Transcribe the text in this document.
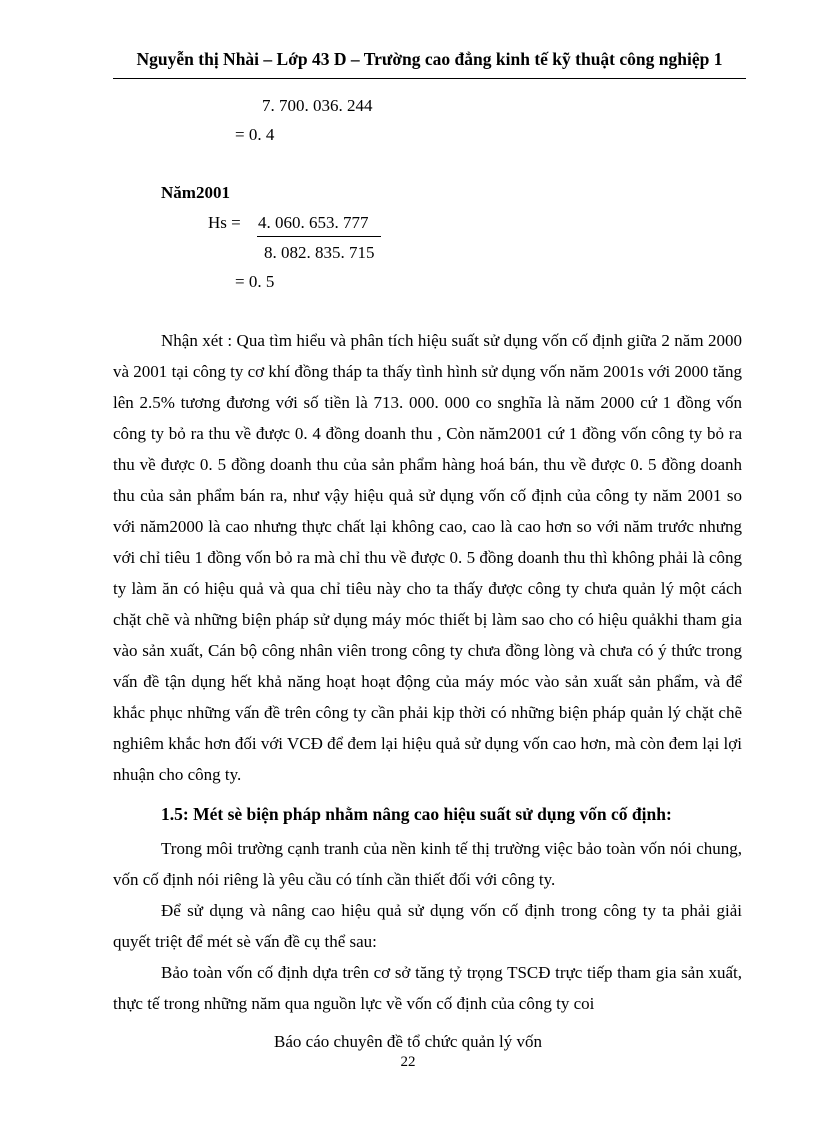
Nguyễn thị Nhài – Lớp 43 D – Trường cao đẳng kinh tế kỹ thuật công nghiệp 1
7. 700. 036. 244
= 0. 4
Năm2001
Hs = 4. 060. 653. 777
8. 082. 835. 715
= 0. 5
Nhận xét : Qua tìm hiểu và phân tích hiệu suất sử dụng vốn cố định giữa 2 năm 2000 và 2001 tại công ty cơ khí đồng tháp ta thấy tình hình sử dụng vốn năm 2001s với 2000 tăng lên 2.5% tương đương với số tiền là 713. 000. 000 co snghĩa là năm 2000 cứ 1 đồng vốn công ty bỏ ra thu về được 0. 4 đồng doanh thu , Còn năm2001 cứ 1 đồng vốn công ty bỏ ra thu về được 0. 5 đồng doanh thu của sản phẩm hàng hoá bán, thu về được 0. 5 đồng doanh thu của sản phẩm bán ra, như vậy hiệu quả sử dụng vốn cố định của công ty năm 2001 so với năm2000 là cao nhưng thực chất lại không cao, cao là cao hơn so với năm trước nhưng với chỉ tiêu 1 đồng vốn bỏ ra mà chỉ thu về được 0. 5 đồng doanh thu thì không phải là công ty làm ăn có hiệu quả và qua chỉ tiêu này cho ta thấy được công ty chưa quản lý một cách chặt chẽ và những biện pháp sử dụng máy móc thiết bị làm sao cho có hiệu quảkhi tham gia vào sản xuất, Cán bộ công nhân viên trong công ty chưa đồng lòng và chưa có ý thức trong vấn đề tận dụng hết khả năng hoạt hoạt động của máy móc vào sản xuất sản phẩm, và để khắc phục những vấn đề trên công ty cần phải kịp thời có những biện pháp quản lý chặt chẽ nghiêm khắc hơn đối với VCĐ để đem lại hiệu quả sử dụng vốn cao hơn, mà còn đem lại lợi nhuận cho công ty.
1.5: Mét sè biện pháp nhằm nâng cao hiệu suất sử dụng vốn cố định:
Trong môi trường cạnh tranh của nền kinh tế thị trường việc bảo toàn vốn nói chung, vốn cố định nói riêng là yêu cầu có tính cần thiết đối với công ty.
Để sử dụng và nâng cao hiệu quả sử dụng vốn cố định trong công ty ta phải giải quyết triệt để mét sè vấn đề cụ thể sau:
Bảo toàn vốn cố định dựa trên cơ sở tăng tỷ trọng TSCĐ trực tiếp tham gia sản xuất, thực tế trong những năm qua nguồn lực về vốn cố định của công ty coi
Báo cáo chuyên đề tổ chức quản lý vốn
22
